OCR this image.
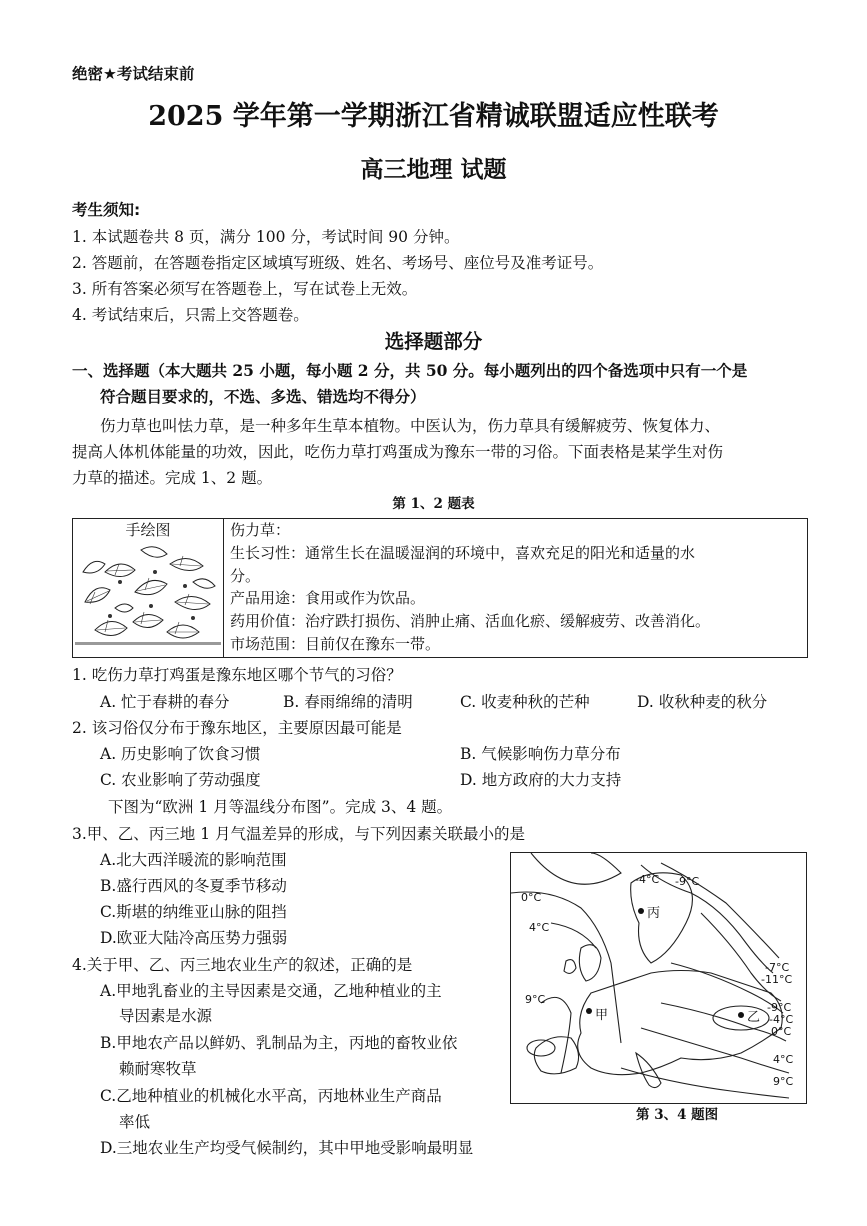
绝密★考试结束前
2025 学年第一学期浙江省精诚联盟适应性联考
高三地理 试题
考生须知:
1. 本试题卷共 8 页，满分 100 分，考试时间 90 分钟。
2. 答题前，在答题卷指定区域填写班级、姓名、考场号、座位号及准考证号。
3. 所有答案必须写在答题卷上，写在试卷上无效。
4. 考试结束后，只需上交答题卷。
选择题部分
一、选择题（本大题共 25 小题，每小题 2 分，共 50 分。每小题列出的四个备选项中只有一个是
符合题目要求的，不选、多选、错选均不得分）
伤力草也叫怯力草，是一种多年生草本植物。中医认为，伤力草具有缓解疲劳、恢复体力、
提高人体机体能量的功效，因此，吃伤力草打鸡蛋成为豫东一带的习俗。下面表格是某学生对伤
力草的描述。完成 1、2 题。
第 1、2 题表
手绘图	伤力草：
生长习性：通常生长在温暖湿润的环境中，喜欢充足的阳光和适量的水
分。
产品用途：食用或作为饮品。
药用价值：治疗跌打损伤、消肿止痛、活血化瘀、缓解疲劳、改善消化。
市场范围：目前仅在豫东一带。
1. 吃伤力草打鸡蛋是豫东地区哪个节气的习俗？
A. 忙于春耕的春分	B. 春雨绵绵的清明	C. 收麦种秋的芒种	D. 收秋种麦的秋分
2. 该习俗仅分布于豫东地区，主要原因最可能是
A. 历史影响了饮食习惯	B. 气候影响伤力草分布
C. 农业影响了劳动强度	D. 地方政府的大力支持
下图为“欧洲 1 月等温线分布图”。完成 3、4 题。
3.甲、乙、丙三地 1 月气温差异的形成，与下列因素关联最小的是
A.北大西洋暖流的影响范围
B.盛行西风的冬夏季节移动
C.斯堪的纳维亚山脉的阻挡
D.欧亚大陆冷高压势力强弱
4.关于甲、乙、丙三地农业生产的叙述，正确的是
A.甲地乳畜业的主导因素是交通，乙地种植业的主
导因素是水源
B.甲地农产品以鲜奶、乳制品为主，丙地的畜牧业依
赖耐寒牧草
C.乙地种植业的机械化水平高，丙地林业生产商品
率低
D.三地农业生产均受气候制约，其中甲地受影响最明显
0°C
4°C
9°C
-4°C -9°C
-7°C
-11°C
-9°C
-4°C
0°C
4°C
9°C
丙
甲	乙
第 3、4 题图
